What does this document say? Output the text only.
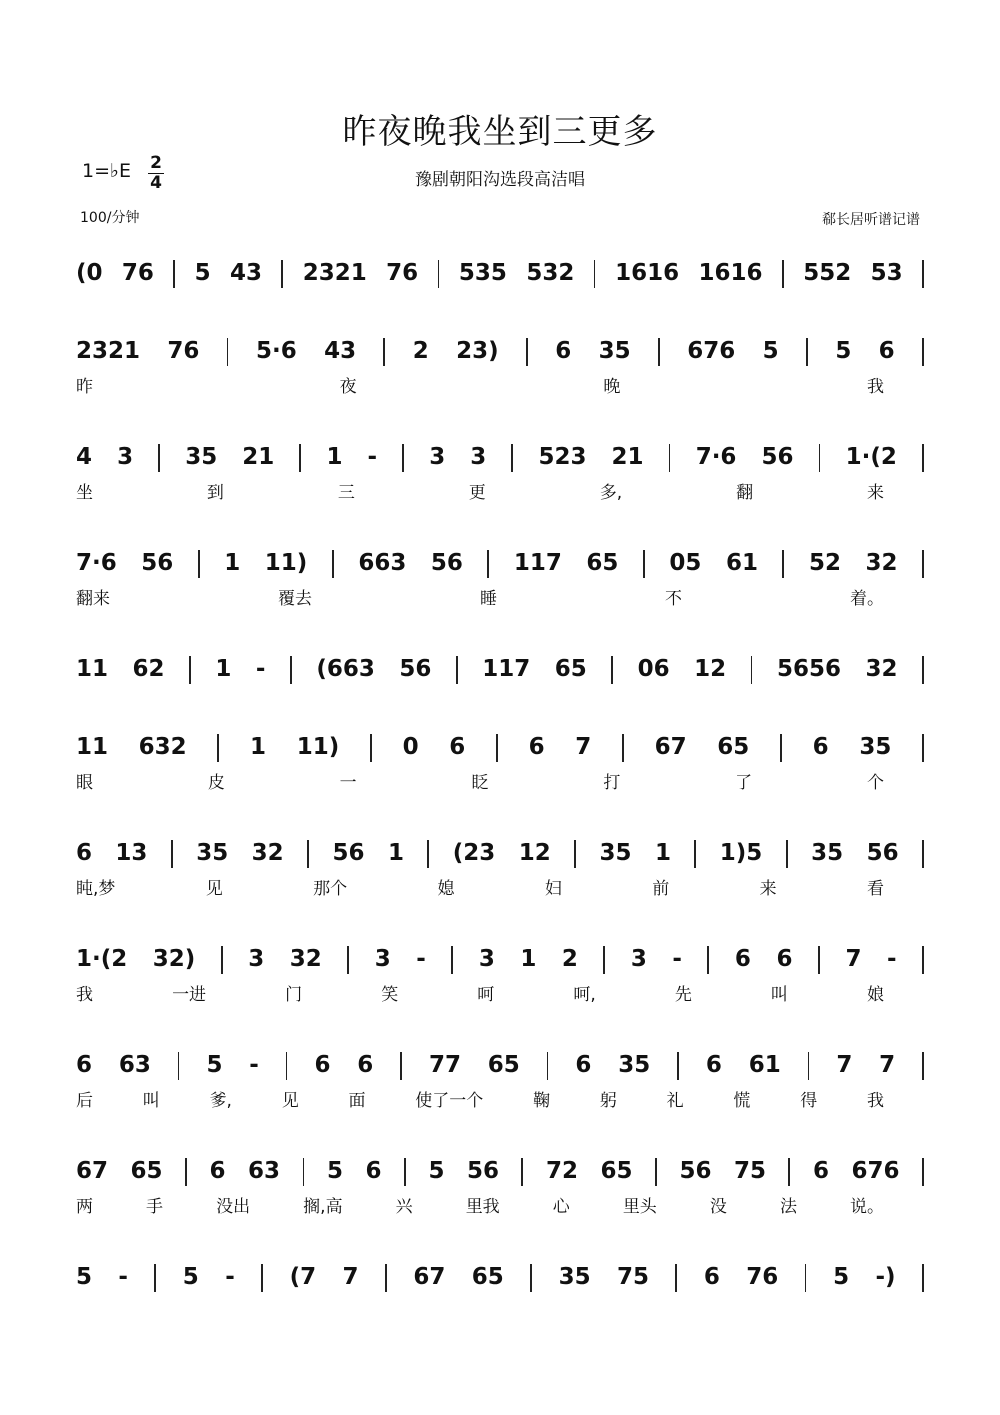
昨夜晚我坐到三更多
1=♭E 2
4	豫剧朝阳沟选段高洁唱
100/分钟	郗长居听谱记谱
(0 76 5 43 2321 76 535 532 1616 1616 552 53
2321 76 5·6 43 2 23) 6 35 676 5 5 6
昨	夜	晚	我
4 3 35 21 1 - 3 3 523 21 7·6 56 1·(2
坐	到	三	更	多,	翻	来
7·6 56 1 11) 663 56 117 65 05 61 52 32
翻来	覆去	睡	不	着。
11 62 1 - (663 56 117 65 06 12 5656 32
11 632	1 11)	0 6	6 7	67 65	6 35
眼	皮	一	眨	打	了	个
6 13 35 32 56 1 (23 12 35 1 1)5 35 56
盹,梦	见	那个	媳	妇	前	来	看
1·(2 32) 3 32 3 - 3 1 2 3 - 6 6 7 -
我	一进	门	笑	呵	呵,	先	叫	娘
6 63 5 - 6 6 77 65 6 35 6 61 7 7
后	叫	爹,	见	面	使了一个	鞠	躬	礼	慌	得	我
67 65 6 63 5 6 5 56 72 65 56 75 6 676
两	手	没出	搁,高	兴	里我	心	里头	没	法	说。
5 - 5 - (7 7 67 65 35 75 6 76 5 -)
